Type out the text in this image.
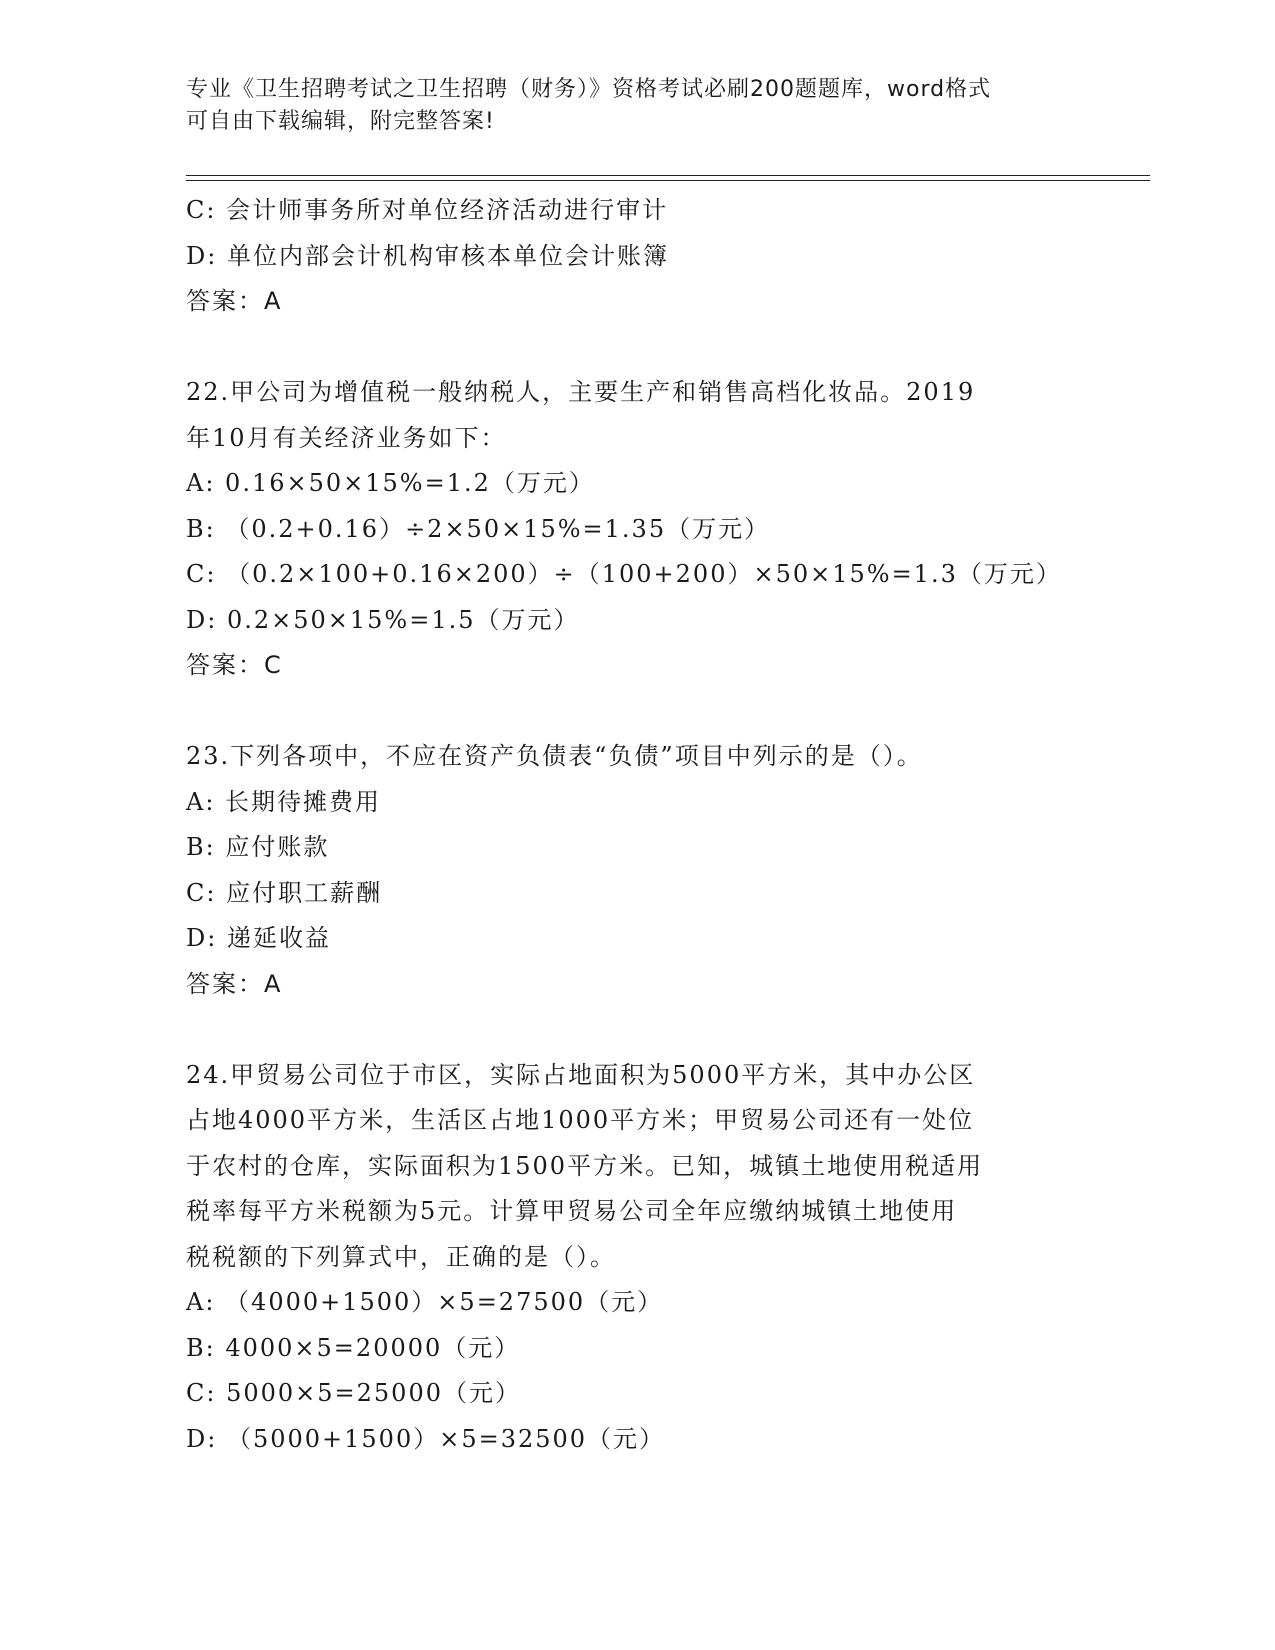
专业《卫生招聘考试之卫生招聘（财务）》资格考试必刷200题题库，word格式
可自由下载编辑，附完整答案!
C: 会计师事务所对单位经济活动进行审计
D: 单位内部会计机构审核本单位会计账簿
答案：A
22.甲公司为增值税一般纳税人，主要生产和销售高档化妆品。2019
年10月有关经济业务如下：
A: 0.16×50×15%=1.2（万元）
B: （0.2+0.16）÷2×50×15%=1.35（万元）
C: （0.2×100+0.16×200）÷（100+200）×50×15%=1.3（万元）
D: 0.2×50×15%=1.5（万元）
答案：C
23.下列各项中，不应在资产负债表“负债”项目中列示的是（）。
A: 长期待摊费用
B: 应付账款
C: 应付职工薪酬
D: 递延收益
答案：A
24.甲贸易公司位于市区，实际占地面积为5000平方米，其中办公区
占地4000平方米，生活区占地1000平方米；甲贸易公司还有一处位
于农村的仓库，实际面积为1500平方米。已知，城镇土地使用税适用
税率每平方米税额为5元。计算甲贸易公司全年应缴纳城镇土地使用
税税额的下列算式中，正确的是（）。
A: （4000+1500）×5=27500（元）
B: 4000×5=20000（元）
C: 5000×5=25000（元）
D: （5000+1500）×5=32500（元）
